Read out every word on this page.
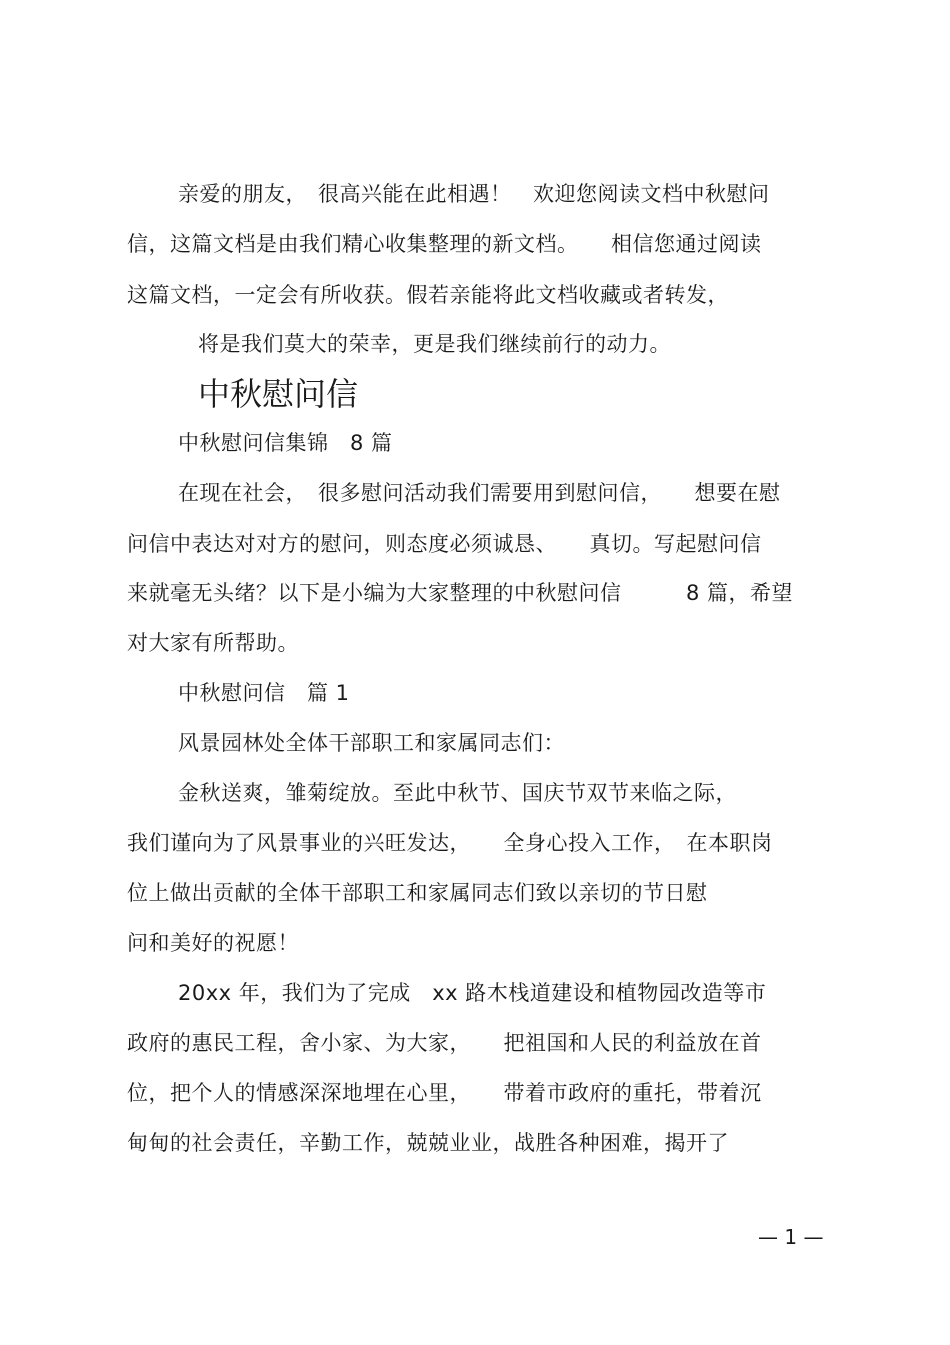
亲爱的朋友，　很高兴能在此相遇！　欢迎您阅读文档中秋慰问

信，这篇文档是由我们精心收集整理的新文档。　　相信您通过阅读

这篇文档，一定会有所收获。假若亲能将此文档收藏或者转发，

将是我们莫大的荣幸，更是我们继续前行的动力。

中秋慰问信

中秋慰问信集锦　8 篇

在现在社会，　很多慰问活动我们需要用到慰问信，　　想要在慰

问信中表达对对方的慰问，则态度必须诚恳、　　真切。写起慰问信

来就毫无头绪？以下是小编为大家整理的中秋慰问信　　　8 篇，希望

对大家有所帮助。

中秋慰问信　篇 1

风景园林处全体干部职工和家属同志们：

金秋送爽，雏菊绽放。至此中秋节、国庆节双节来临之际，

我们谨向为了风景事业的兴旺发达，　　全身心投入工作，　在本职岗

位上做出贡献的全体干部职工和家属同志们致以亲切的节日慰

问和美好的祝愿！

20xx 年，我们为了完成　xx 路木栈道建设和植物园改造等市

政府的惠民工程，舍小家、为大家，　　把祖国和人民的利益放在首

位，把个人的情感深深地埋在心里，　　带着市政府的重托，带着沉

甸甸的社会责任，辛勤工作，兢兢业业，战胜各种困难，揭开了

— 1 —
